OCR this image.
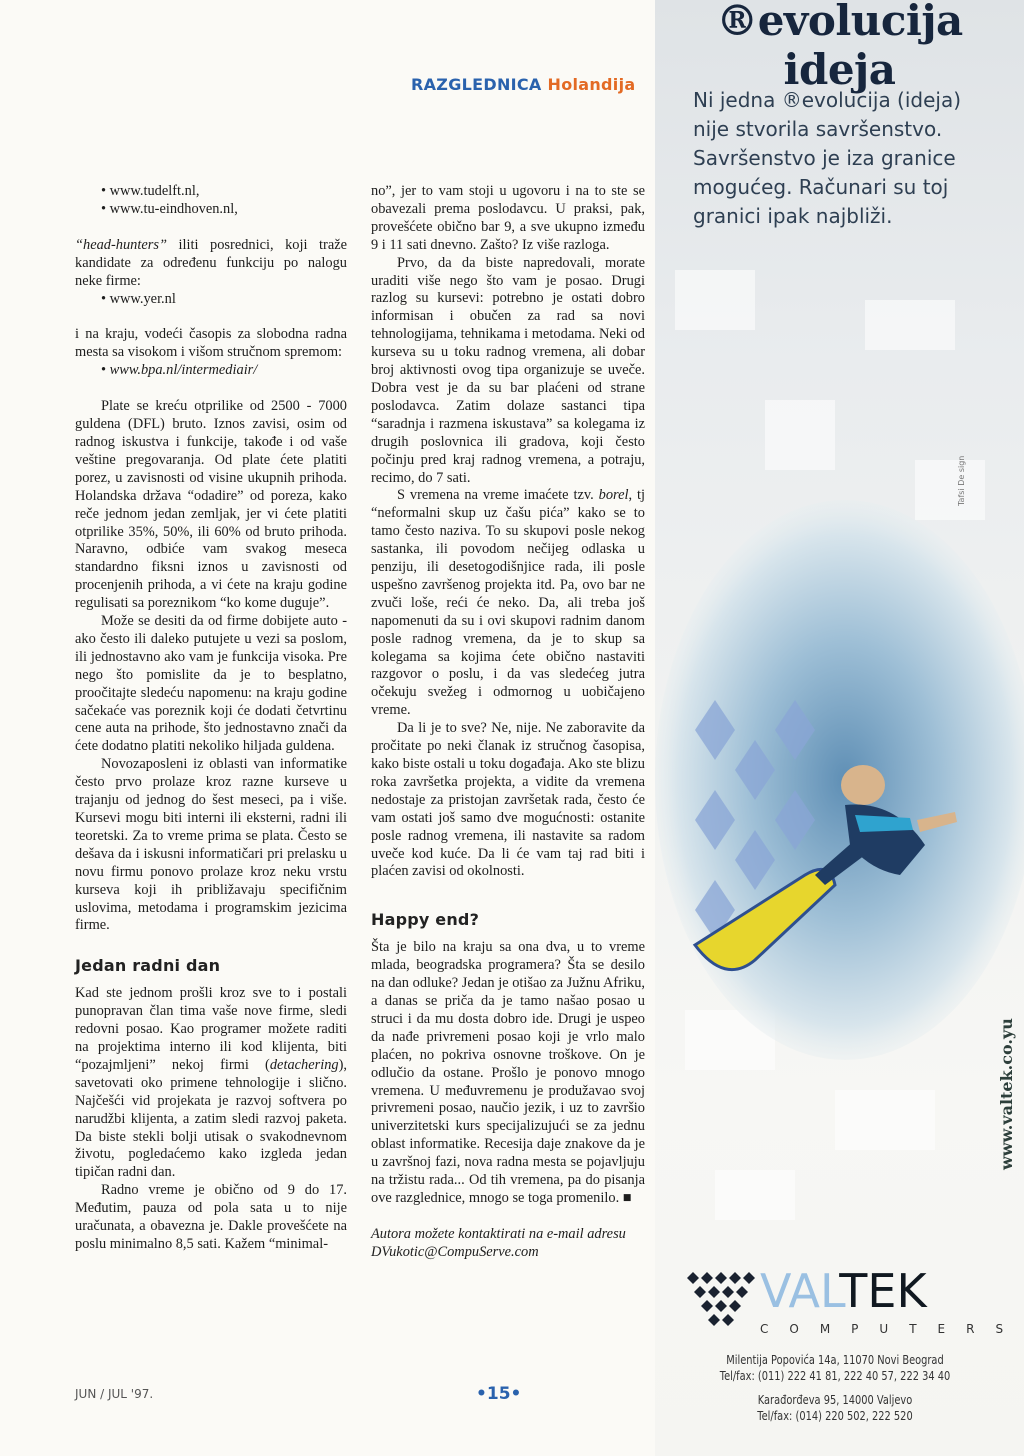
RAZGLEDNICA Holandija

• www.tudelft.nl,

• www.tu-eindhoven.nl,

“head-hunters” iliti posrednici, koji traže kandidate za određenu funkciju po nalogu neke firme:

• www.yer.nl

i na kraju, vodeći časopis za slobodna radna mesta sa visokom i višom stručnom spremom:

• www.bpa.nl/intermediair/

Plate se kreću otprilike od 2500 - 7000 guldena (DFL) bruto. Iznos zavisi, osim od radnog iskustva i funkcije, takođe i od vaše veštine pregovaranja. Od plate ćete platiti porez, u zavisnosti od visine ukupnih prihoda. Holandska država “odadire” od poreza, kako reče jednom jedan zemljak, jer vi ćete platiti otprilike 35%, 50%, ili 60% od bruto prihoda. Naravno, odbiće vam svakog meseca standardno fiksni iznos u zavisnosti od procenjenih prihoda, a vi ćete na kraju godine regulisati sa poreznikom “ko kome duguje”.

Može se desiti da od firme dobijete auto - ako često ili daleko putujete u vezi sa poslom, ili jednostavno ako vam je funkcija visoka. Pre nego što pomislite da je to besplatno, proočitajte sledeću napomenu: na kraju godine sačekaće vas poreznik koji će dodati četvrtinu cene auta na prihode, što jednostavno znači da ćete dodatno platiti nekoliko hiljada guldena.

Novozaposleni iz oblasti van informatike često prvo prolaze kroz razne kurseve u trajanju od jednog do šest meseci, pa i više. Kursevi mogu biti interni ili eksterni, radni ili teoretski. Za to vreme prima se plata. Često se dešava da i iskusni informatičari pri prelasku u novu firmu ponovo prolaze kroz neku vrstu kurseva koji ih približavaju specifičnim uslovima, metodama i programskim jezicima firme.

Jedan radni dan

Kad ste jednom prošli kroz sve to i postali punopravan član tima vaše nove firme, sledi redovni posao. Kao programer možete raditi na projektima interno ili kod klijenta, biti “pozajmljeni” nekoj firmi (detachering), savetovati oko primene tehnologije i slično. Najčešći vid projekata je razvoj softvera po narudžbi klijenta, a zatim sledi razvoj paketa. Da biste stekli bolji utisak o svakodnevnom životu, pogledaćemo kako izgleda jedan tipičan radni dan.

Radno vreme je obično od 9 do 17. Međutim, pauza od pola sata u to nije uračunata, a obavezna je. Dakle provešćete na poslu minimalno 8,5 sati. Kažem “minimal-

no”, jer to vam stoji u ugovoru i na to ste se obavezali prema poslodavcu. U praksi, pak, provešćete obično bar 9, a sve ukupno između 9 i 11 sati dnevno. Zašto? Iz više razloga.

Prvo, da da biste napredovali, morate uraditi više nego što vam je posao. Drugi razlog su kursevi: potrebno je ostati dobro informisan i obučen za rad sa novi tehnologijama, tehnikama i metodama. Neki od kurseva su u toku radnog vremena, ali dobar broj aktivnosti ovog tipa organizuje se uveče. Dobra vest je da su bar plaćeni od strane poslodavca. Zatim dolaze sastanci tipa “saradnja i razmena iskustava” sa kolegama iz drugih poslovnica ili gradova, koji često počinju pred kraj radnog vremena, a potraju, recimo, do 7 sati.

S vremena na vreme imaćete tzv. borel, tj “neformalni skup uz čašu pića” kako se to tamo često naziva. To su skupovi posle nekog sastanka, ili povodom nečijeg odlaska u penziju, ili desetogodišnjice rada, ili posle uspešno završenog projekta itd. Pa, ovo bar ne zvuči loše, reći će neko. Da, ali treba još napomenuti da su i ovi skupovi radnim danom posle radnog vremena, da je to skup sa kolegama sa kojima ćete obično nastaviti razgovor o poslu, i da vas sledećeg jutra očekuju svežeg i odmornog u uobičajeno vreme.

Da li je to sve? Ne, nije. Ne zaboravite da pročitate po neki članak iz stručnog časopisa, kako biste ostali u toku događaja. Ako ste blizu roka završetka projekta, a vidite da vremena nedostaje za pristojan završetak rada, često će vam ostati još samo dve mogućnosti: ostanite posle radnog vremena, ili nastavite sa radom uveče kod kuće. Da li će vam taj rad biti i plaćen zavisi od okolnosti.

Happy end?

Šta je bilo na kraju sa ona dva, u to vreme mlada, beogradska programera? Šta se desilo na dan odluke? Jedan je otišao za Južnu Afriku, a danas se priča da je tamo našao posao u struci i da mu dosta dobro ide. Drugi je uspeo da nađe privremeni posao koji je vrlo malo plaćen, no pokriva osnovne troškove. On je odlučio da ostane. Prošlo je ponovo mnogo vremena. U međuvremenu je produžavao svoj privremeni posao, naučio jezik, i uz to završio univerzitetski kurs specijalizujući se za jednu oblast informatike. Recesija daje znakove da je u završnoj fazi, nova radna mesta se pojavljuju na tržistu rada... Od tih vremena, pa do pisanja ove razglednice, mnogo se toga promenilo. ■

Autora možete kontaktirati na e-mail adresu

DVukotic@CompuServe.com

JUN / JUL '97.	•15•
®evolucija ideja
Ni jedna ®evolucija (ideja) nije stvorila savršenstvo. Savršenstvo je iza granice mogućeg. Računari su toj granici ipak najbliži.
Tafsi De sign
www.valtek.co.yu
VALTEK
COMPUTERS
Milentija Popovića 14a, 11070 Novi Beograd
Tel/fax: (011) 222 41 81, 222 40 57, 222 34 40
Karađorđeva 95, 14000 Valjevo
Tel/fax: (014) 220 502, 222 520
